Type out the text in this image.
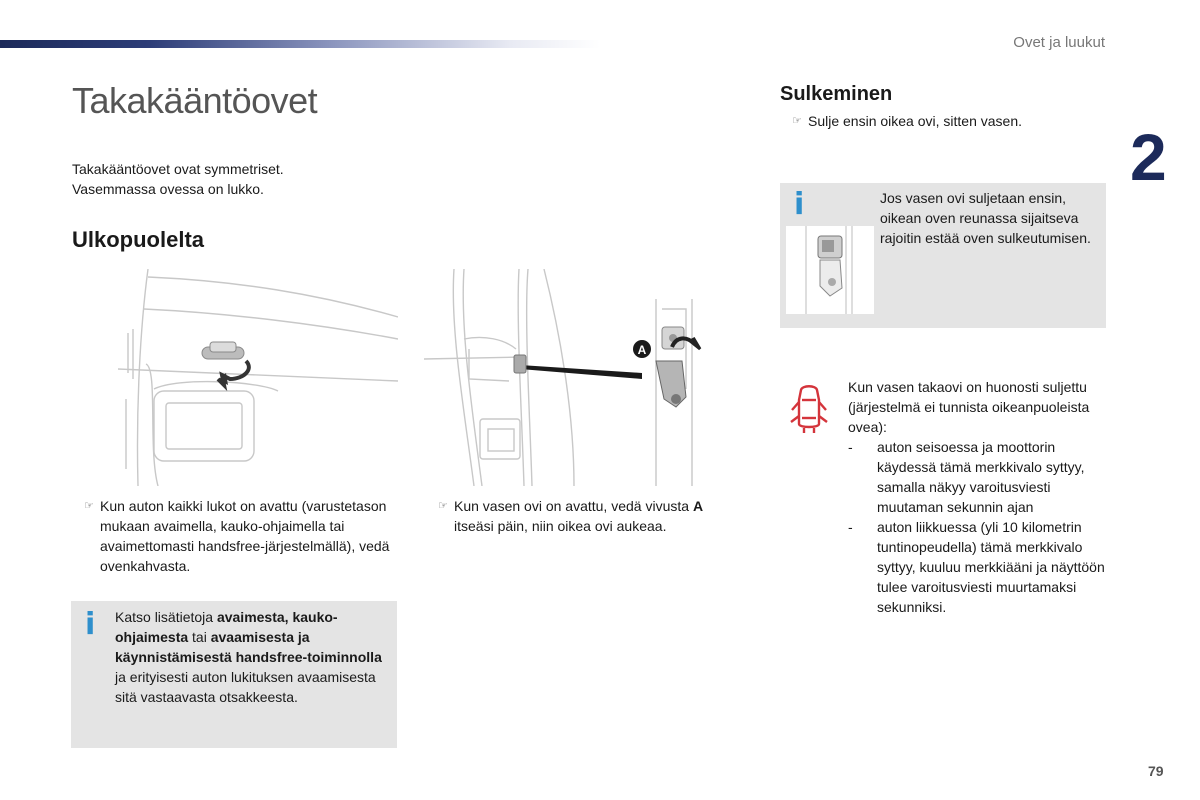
Ovet ja luukut
2
79
Takakääntöovet
Takakääntöovet ovat symmetriset.
Vasemmassa ovessa on lukko.
Ulkopuolelta
A
☞ Kun auton kaikki lukot on avattu (varustetason mukaan avaimella, kauko-ohjaimella tai avaimettomasti handsfree-järjestelmällä), vedä ovenkahvasta.
☞ Kun vasen ovi on avattu, vedä vivusta A itseäsi päin, niin oikea ovi aukeaa.
i Katso lisätietoja avaimesta, kauko-ohjaimesta tai avaamisesta ja käynnistämisestä handsfree-toiminnolla ja erityisesti auton lukituksen avaamisesta sitä vastaavasta otsakkeesta.
Sulkeminen
☞ Sulje ensin oikea ovi, sitten vasen.
i	Jos vasen ovi suljetaan ensin, oikean oven reunassa sijaitseva rajoitin estää oven sulkeutumisen.
Kun vasen takaovi on huonosti suljettu (järjestelmä ei tunnista oikeanpuoleista ovea):
- auton seisoessa ja moottorin käydessä tämä merkkivalo syttyy, samalla näkyy varoitusviesti muutaman sekunnin ajan
- auton liikkuessa (yli 10 kilometrin tuntinopeudella) tämä merkkivalo syttyy, kuuluu merkkiääni ja näyttöön tulee varoitusviesti muurtamaksi sekunniksi.
